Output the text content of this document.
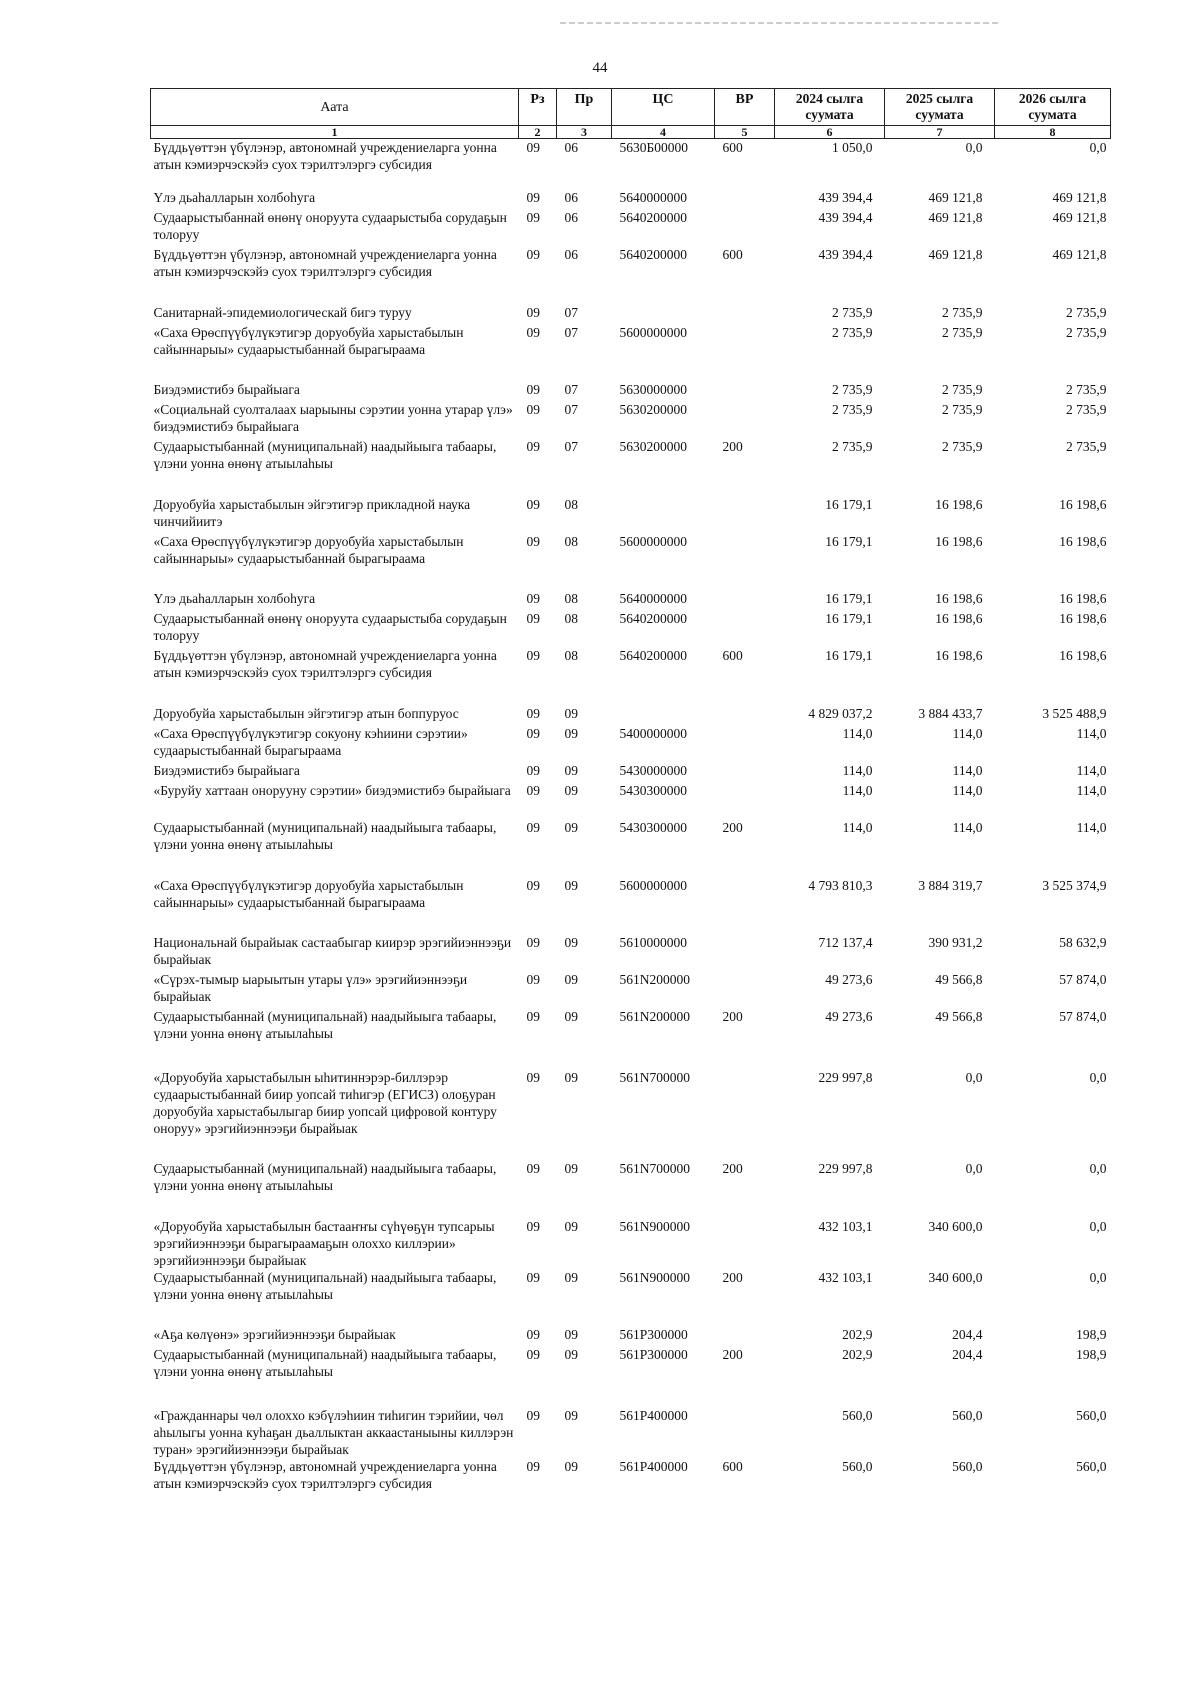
44
Аата	Рз	Пр	ЦС	ВР	2024 сылга суумата	2025 сылга суумата	2026 сылга суумата
1	2	3	4	5	6	7	8
Бүддьүөттэн үбүлэнэр, автономнай учреждениеларга уонна атын кэмиэрчэскэйэ суох тэрилтэлэргэ субсидия	09	06	5630Б00000	600	1 050,0	0,0	0,0
Үлэ дьаһалларын холбоһуга	09	06	5640000000		439 394,4	469 121,8	469 121,8
Судаарыстыбаннай өнөнү оноруута судаарыстыба сорудаҕын толоруу	09	06	5640200000		439 394,4	469 121,8	469 121,8
Бүддьүөттэн үбүлэнэр, автономнай учреждениеларга уонна атын кэмиэрчэскэйэ суох тэрилтэлэргэ субсидия	09	06	5640200000	600	439 394,4	469 121,8	469 121,8
Санитарнай-эпидемиологическай бигэ туруу	09	07			2 735,9	2 735,9	2 735,9
«Саха Өрөспүүбүлүкэтигэр доруобуйа харыстабылын сайыннарыы» судаарыстыбаннай бырагыраама	09	07	5600000000		2 735,9	2 735,9	2 735,9
Биэдэмистибэ бырайыага	09	07	5630000000		2 735,9	2 735,9	2 735,9
«Социальнай суолталаах ыарыыны сэрэтии уонна утарар үлэ» биэдэмистибэ бырайыага	09	07	5630200000		2 735,9	2 735,9	2 735,9
Судаарыстыбаннай (муниципальнай) наадыйыыга табаары, үлэни уонна өнөнү атыылаһыы	09	07	5630200000	200	2 735,9	2 735,9	2 735,9
Доруобуйа харыстабылын эйгэтигэр прикладной наука чинчийиитэ	09	08			16 179,1	16 198,6	16 198,6
«Саха Өрөспүүбүлүкэтигэр доруобуйа харыстабылын сайыннарыы» судаарыстыбаннай бырагыраама	09	08	5600000000		16 179,1	16 198,6	16 198,6
Үлэ дьаһалларын холбоһуга	09	08	5640000000		16 179,1	16 198,6	16 198,6
Судаарыстыбаннай өнөнү оноруута судаарыстыба сорудаҕын толоруу	09	08	5640200000		16 179,1	16 198,6	16 198,6
Бүддьүөттэн үбүлэнэр, автономнай учреждениеларга уонна атын кэмиэрчэскэйэ суох тэрилтэлэргэ субсидия	09	08	5640200000	600	16 179,1	16 198,6	16 198,6
Доруобуйа харыстабылын эйгэтигэр атын боппуруос	09	09			4 829 037,2	3 884 433,7	3 525 488,9
«Саха Өрөспүүбүлүкэтигэр сокуону кэһиини сэрэтии» судаарыстыбаннай бырагыраама	09	09	5400000000		114,0	114,0	114,0
Биэдэмистибэ бырайыага	09	09	5430000000		114,0	114,0	114,0
«Буруйу хаттаан онорууну сэрэтии» биэдэмистибэ бырайыага	09	09	5430300000		114,0	114,0	114,0
Судаарыстыбаннай (муниципальнай) наадыйыыга табаары, үлэни уонна өнөнү атыылаһыы	09	09	5430300000	200	114,0	114,0	114,0
«Саха Өрөспүүбүлүкэтигэр доруобуйа харыстабылын сайыннарыы» судаарыстыбаннай бырагыраама	09	09	5600000000		4 793 810,3	3 884 319,7	3 525 374,9
Национальнай бырайыак састаабыгар киирэр эрэгийиэннээҕи бырайыак	09	09	5610000000		712 137,4	390 931,2	58 632,9
«Сүрэх-тымыр ыарыытын утары үлэ» эрэгийиэннээҕи бырайыак	09	09	561N200000		49 273,6	49 566,8	57 874,0
Судаарыстыбаннай (муниципальнай) наадыйыыга табаары, үлэни уонна өнөнү атыылаһыы	09	09	561N200000	200	49 273,6	49 566,8	57 874,0
«Доруобуйа харыстабылын ыһитиннэрэр-биллэрэр судаарыстыбаннай биир уопсай тиһигэр (ЕГИСЗ) олоҕуран доруобуйа харыстабылыгар биир уопсай цифровой контуру оноруу» эрэгийиэннээҕи бырайыак	09	09	561N700000		229 997,8	0,0	0,0
Судаарыстыбаннай (муниципальнай) наадыйыыга табаары, үлэни уонна өнөнү атыылаһыы	09	09	561N700000	200	229 997,8	0,0	0,0
«Доруобуйа харыстабылын бастааҥҥы сүһүөҕүн тупсарыы эрэгийиэннээҕи бырагыраамаҕын олоххо киллэрии» эрэгийиэннээҕи бырайыак	09	09	561N900000		432 103,1	340 600,0	0,0
Судаарыстыбаннай (муниципальнай) наадыйыыга табаары, үлэни уонна өнөнү атыылаһыы	09	09	561N900000	200	432 103,1	340 600,0	0,0
«Аҕа көлүөнэ» эрэгийиэннээҕи бырайыак	09	09	561P300000		202,9	204,4	198,9
Судаарыстыбаннай (муниципальнай) наадыйыыга табаары, үлэни уонна өнөнү атыылаһыы	09	09	561P300000	200	202,9	204,4	198,9
«Гражданнары чөл олоххо кэбүлэһиин тиһигин тэрийии, чөл аһылыгы уонна куһаҕан дьаллыктан аккаастаныыны киллэрэн туран» эрэгийиэннээҕи бырайыак	09	09	561P400000		560,0	560,0	560,0
Бүддьүөттэн үбүлэнэр, автономнай учреждениеларга уонна атын кэмиэрчэскэйэ суох тэрилтэлэргэ субсидия	09	09	561P400000	600	560,0	560,0	560,0
